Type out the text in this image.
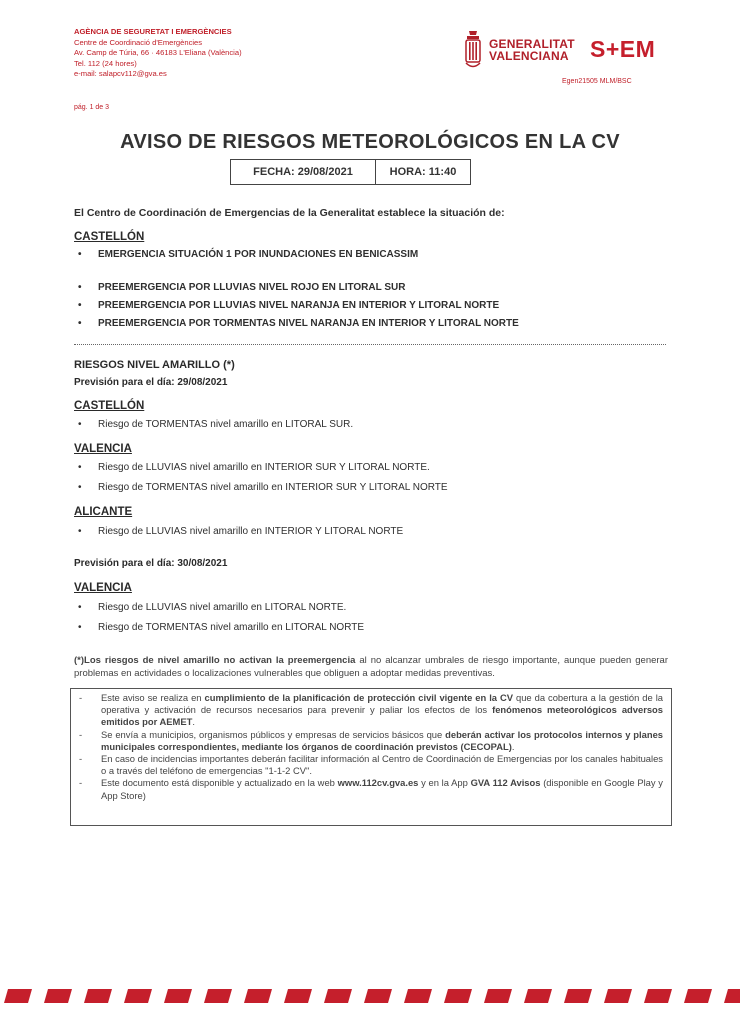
AGÈNCIA DE SEGURETAT I EMERGÈNCIES
Centre de Coordinació d'Emergències
Av. Camp de Túria, 66 · 46183 L'Eliana (València)
Tel. 112 (24 hores)
e-mail: salapcv112@gva.es
GENERALITAT
VALENCIANA S+EM
Egen21505 MLM/BSC
pág. 1 de 3
AVISO DE RIESGOS METEOROLÓGICOS EN LA CV
FECHA: 29/08/2021	HORA: 11:40
El Centro de Coordinación de Emergencias de la Generalitat establece la situación de:
CASTELLÓN
• EMERGENCIA SITUACIÓN 1 POR INUNDACIONES EN BENICASSIM
• PREEMERGENCIA POR LLUVIAS NIVEL ROJO EN LITORAL SUR
• PREEMERGENCIA POR LLUVIAS NIVEL NARANJA EN INTERIOR Y LITORAL NORTE
• PREEMERGENCIA POR TORMENTAS NIVEL NARANJA EN INTERIOR Y LITORAL NORTE
RIESGOS NIVEL AMARILLO (*)
Previsión para el día: 29/08/2021
CASTELLÓN
• Riesgo de TORMENTAS nivel amarillo en LITORAL SUR.
VALENCIA
• Riesgo de LLUVIAS nivel amarillo en INTERIOR SUR Y LITORAL NORTE.
• Riesgo de TORMENTAS nivel amarillo en INTERIOR SUR Y LITORAL NORTE
ALICANTE
• Riesgo de LLUVIAS nivel amarillo en INTERIOR Y LITORAL NORTE
Previsión para el día: 30/08/2021
VALENCIA
• Riesgo de LLUVIAS nivel amarillo en LITORAL NORTE.
• Riesgo de TORMENTAS nivel amarillo en LITORAL NORTE
(*)Los riesgos de nivel amarillo no activan la preemergencia al no alcanzar umbrales de riesgo importante, aunque pueden generar problemas en actividades o localizaciones vulnerables que obliguen a adoptar medidas preventivas.
- Este aviso se realiza en cumplimiento de la planificación de protección civil vigente en la CV que da cobertura a la gestión de la operativa y activación de recursos necesarios para prevenir y paliar los efectos de los fenómenos meteorológicos adversos emitidos por AEMET.
- Se envía a municipios, organismos públicos y empresas de servicios básicos que deberán activar los protocolos internos y planes municipales correspondientes, mediante los órganos de coordinación previstos (CECOPAL).
- En caso de incidencias importantes deberán facilitar información al Centro de Coordinación de Emergencias por los canales habituales o a través del teléfono de emergencias "1-1-2 CV".
- Este documento está disponible y actualizado en la web www.112cv.gva.es y en la App GVA 112 Avisos (disponible en Google Play y App Store)
